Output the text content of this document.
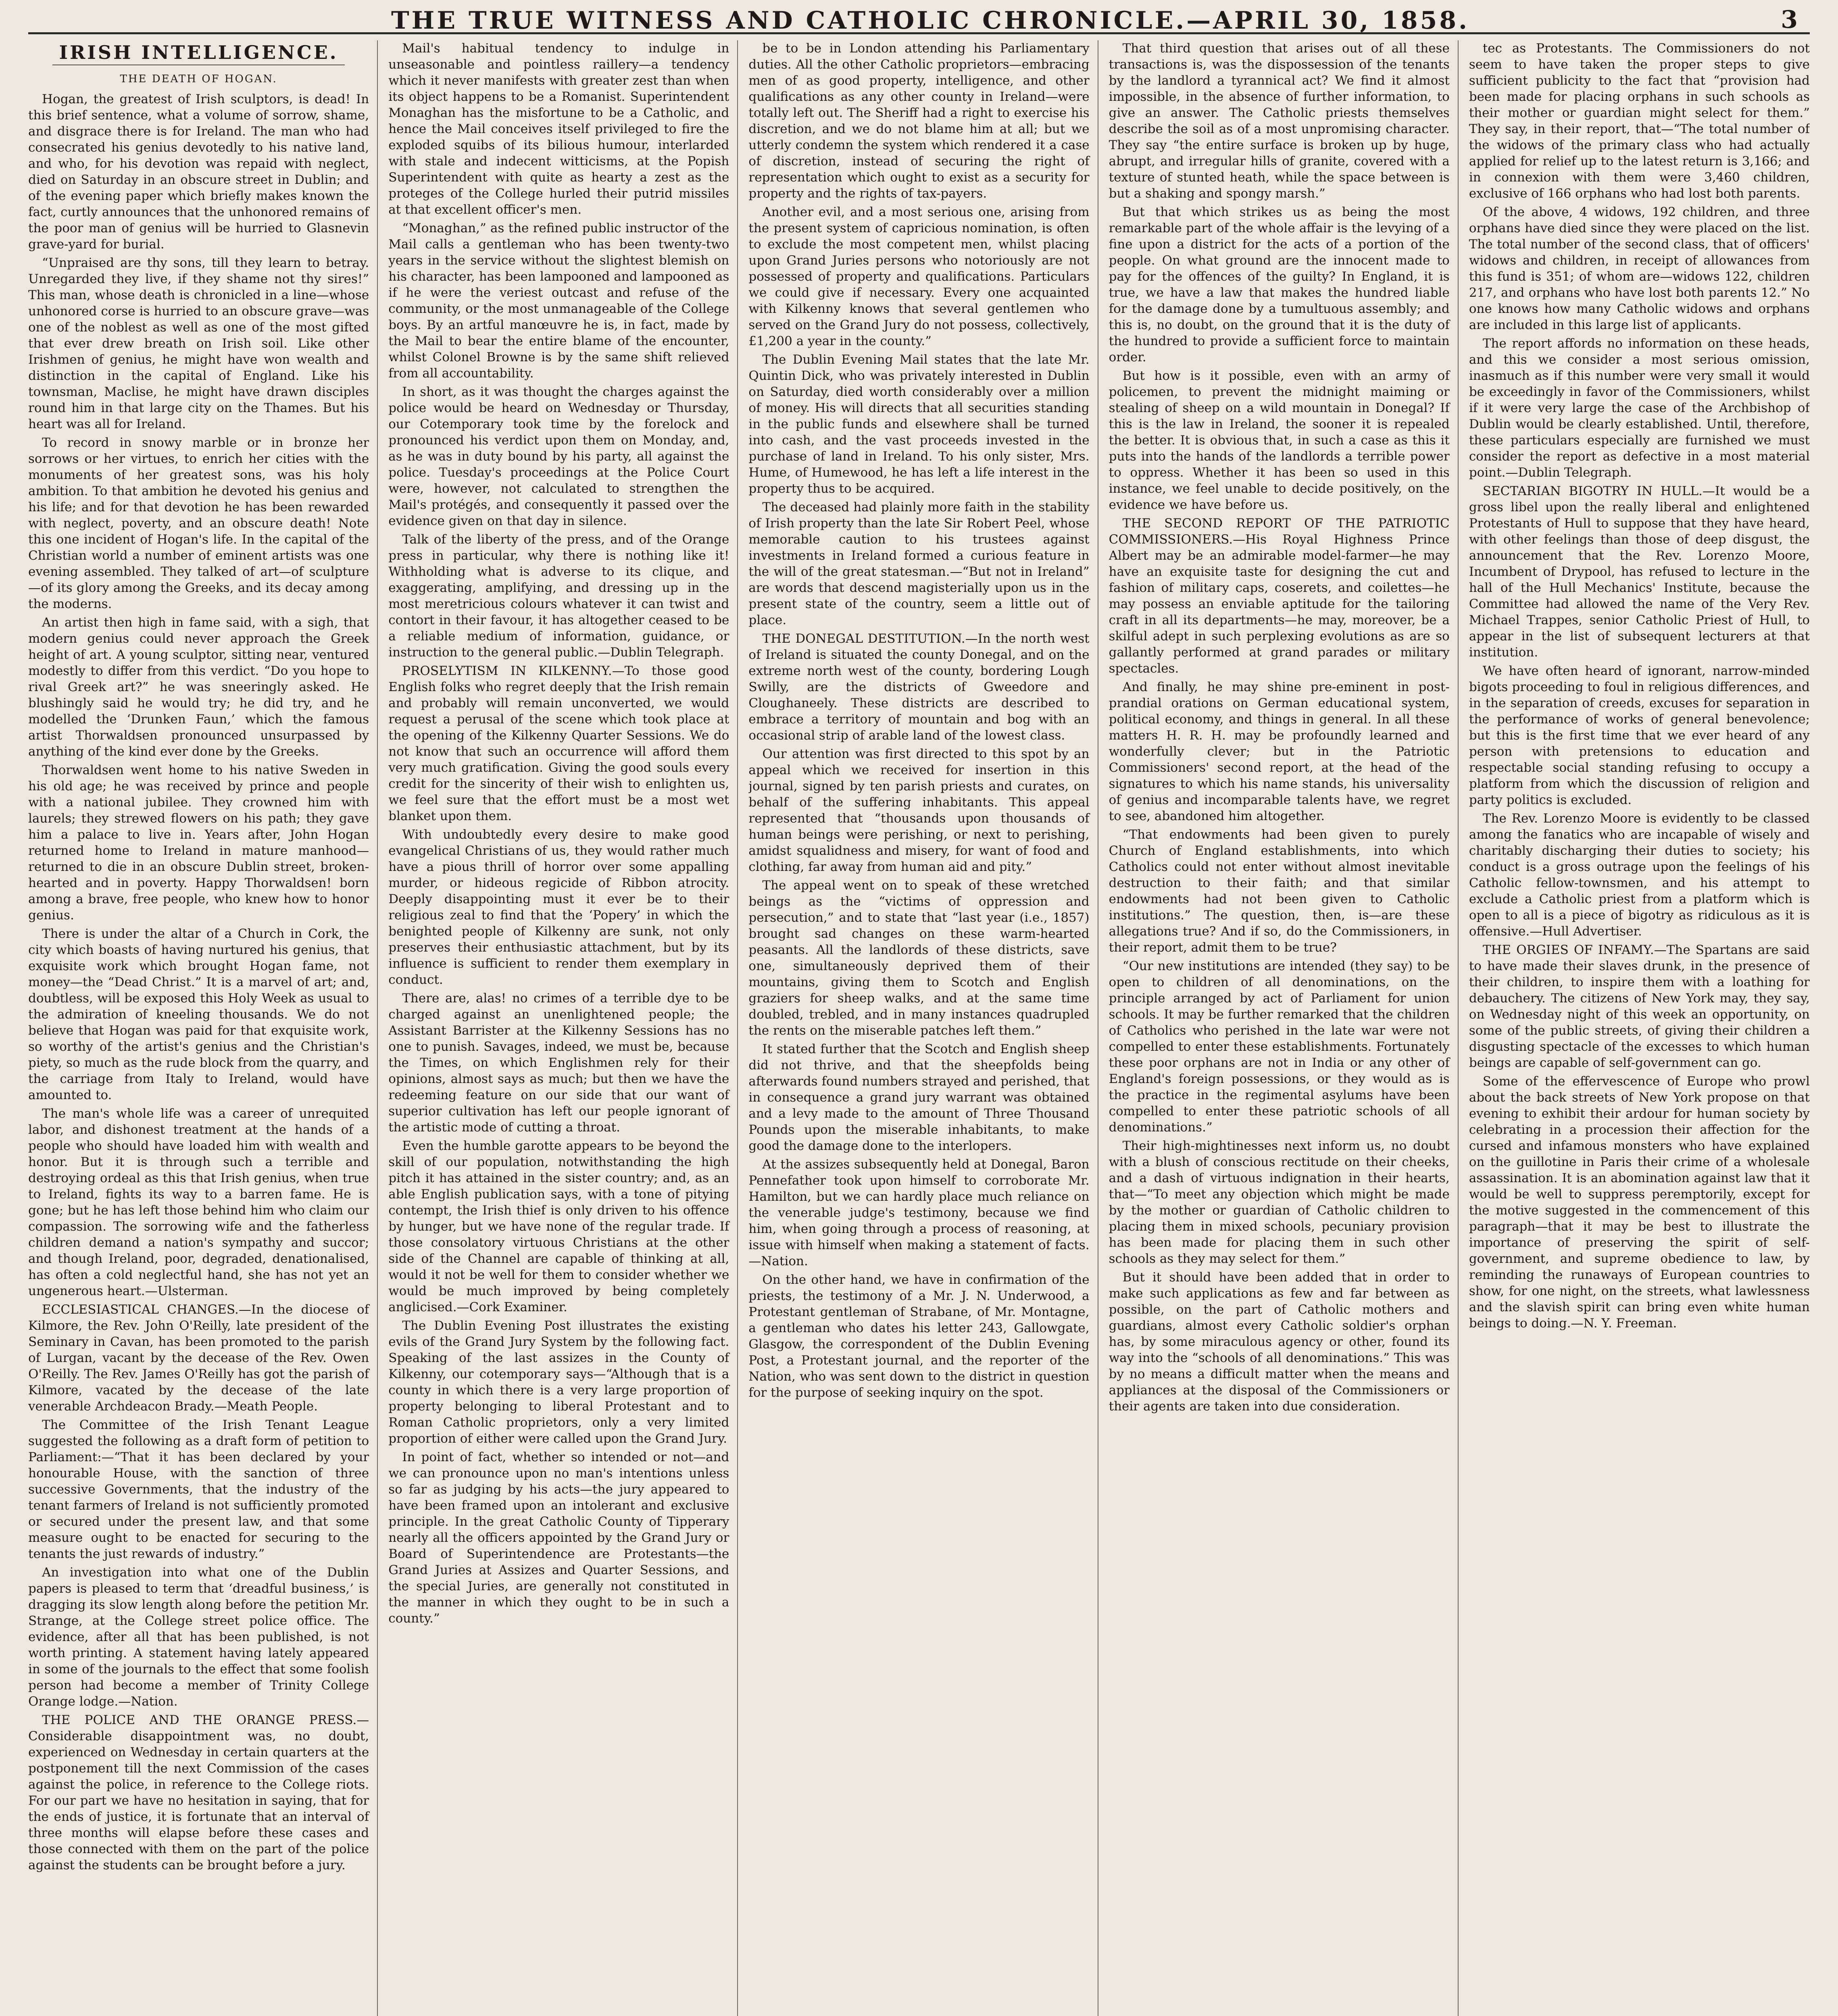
THE TRUE WITNESS AND CATHOLIC CHRONICLE.—APRIL 30, 1858.	3
IRISH INTELLIGENCE.
THE DEATH OF HOGAN.

Hogan, the greatest of Irish sculptors, is dead! In this brief sentence, what a volume of sorrow, shame, and disgrace there is for Ireland. The man who had consecrated his genius devotedly to his native land, and who, for his devotion was repaid with neglect, died on Saturday in an obscure street in Dublin; and of the evening paper which briefly makes known the fact, curtly announces that the unhonored remains of the poor man of genius will be hurried to Glasnevin grave-yard for burial.

“Unpraised are thy sons, till they learn to betray. Unregarded they live, if they shame not thy sires!” This man, whose death is chronicled in a line—whose unhonored corse is hurried to an obscure grave—was one of the noblest as well as one of the most gifted that ever drew breath on Irish soil. Like other Irishmen of genius, he might have won wealth and distinction in the capital of England. Like his townsman, Maclise, he might have drawn disciples round him in that large city on the Thames. But his heart was all for Ireland.

To record in snowy marble or in bronze her sorrows or her virtues, to enrich her cities with the monuments of her greatest sons, was his holy ambition. To that ambition he devoted his genius and his life; and for that devotion he has been rewarded with neglect, poverty, and an obscure death! Note this one incident of Hogan's life. In the capital of the Christian world a number of eminent artists was one evening assembled. They talked of art—of sculpture—of its glory among the Greeks, and its decay among the moderns.

An artist then high in fame said, with a sigh, that modern genius could never approach the Greek height of art. A young sculptor, sitting near, ventured modestly to differ from this verdict. “Do you hope to rival Greek art?” he was sneeringly asked. He blushingly said he would try; he did try, and he modelled the ‘Drunken Faun,’ which the famous artist Thorwaldsen pronounced unsurpassed by anything of the kind ever done by the Greeks.

Thorwaldsen went home to his native Sweden in his old age; he was received by prince and people with a national jubilee. They crowned him with laurels; they strewed flowers on his path; they gave him a palace to live in. Years after, John Hogan returned home to Ireland in mature manhood—returned to die in an obscure Dublin street, broken-hearted and in poverty. Happy Thorwaldsen! born among a brave, free people, who knew how to honor genius.

There is under the altar of a Church in Cork, the city which boasts of having nurtured his genius, that exquisite work which brought Hogan fame, not money—the “Dead Christ.” It is a marvel of art; and, doubtless, will be exposed this Holy Week as usual to the admiration of kneeling thousands. We do not believe that Hogan was paid for that exquisite work, so worthy of the artist's genius and the Christian's piety, so much as the rude block from the quarry, and the carriage from Italy to Ireland, would have amounted to.

The man's whole life was a career of unrequited labor, and dishonest treatment at the hands of a people who should have loaded him with wealth and honor. But it is through such a terrible and destroying ordeal as this that Irish genius, when true to Ireland, fights its way to a barren fame. He is gone; but he has left those behind him who claim our compassion. The sorrowing wife and the fatherless children demand a nation's sympathy and succor; and though Ireland, poor, degraded, denationalised, has often a cold neglectful hand, she has not yet an ungenerous heart.—Ulsterman.

ECCLESIASTICAL CHANGES.—In the diocese of Kilmore, the Rev. John O'Reilly, late president of the Seminary in Cavan, has been promoted to the parish of Lurgan, vacant by the decease of the Rev. Owen O'Reilly. The Rev. James O'Reilly has got the parish of Kilmore, vacated by the decease of the late venerable Archdeacon Brady.—Meath People.

The Committee of the Irish Tenant League suggested the following as a draft form of petition to Parliament:—“That it has been declared by your honourable House, with the sanction of three successive Governments, that the industry of the tenant farmers of Ireland is not sufficiently promoted or secured under the present law, and that some measure ought to be enacted for securing to the tenants the just rewards of industry.”

An investigation into what one of the Dublin papers is pleased to term that ‘dreadful business,’ is dragging its slow length along before the petition Mr. Strange, at the College street police office. The evidence, after all that has been published, is not worth printing. A statement having lately appeared in some of the journals to the effect that some foolish person had become a member of Trinity College Orange lodge.—Nation.

THE POLICE AND THE ORANGE PRESS.—Considerable disappointment was, no doubt, experienced on Wednesday in certain quarters at the postponement till the next Commission of the cases against the police, in reference to the College riots. For our part we have no hesitation in saying, that for the ends of justice, it is fortunate that an interval of three months will elapse before these cases and those connected with them on the part of the police against the students can be brought before a jury.

Mail's habitual tendency to indulge in unseasonable and pointless raillery—a tendency which it never manifests with greater zest than when its object happens to be a Romanist. Superintendent Monaghan has the misfortune to be a Catholic, and hence the Mail conceives itself privileged to fire the exploded squibs of its bilious humour, interlarded with stale and indecent witticisms, at the Popish Superintendent with quite as hearty a zest as the proteges of the College hurled their putrid missiles at that excellent officer's men.

“Monaghan,” as the refined public instructor of the Mail calls a gentleman who has been twenty-two years in the service without the slightest blemish on his character, has been lampooned and lampooned as if he were the veriest outcast and refuse of the community, or the most unmanageable of the College boys. By an artful manœuvre he is, in fact, made by the Mail to bear the entire blame of the encounter, whilst Colonel Browne is by the same shift relieved from all accountability.

In short, as it was thought the charges against the police would be heard on Wednesday or Thursday, our Cotemporary took time by the forelock and pronounced his verdict upon them on Monday, and, as he was in duty bound by his party, all against the police. Tuesday's proceedings at the Police Court were, however, not calculated to strengthen the Mail's protégés, and consequently it passed over the evidence given on that day in silence.

Talk of the liberty of the press, and of the Orange press in particular, why there is nothing like it! Withholding what is adverse to its clique, and exaggerating, amplifying, and dressing up in the most meretricious colours whatever it can twist and contort in their favour, it has altogether ceased to be a reliable medium of information, guidance, or instruction to the general public.—Dublin Telegraph.

PROSELYTISM IN KILKENNY.—To those good English folks who regret deeply that the Irish remain and probably will remain unconverted, we would request a perusal of the scene which took place at the opening of the Kilkenny Quarter Sessions. We do not know that such an occurrence will afford them very much gratification. Giving the good souls every credit for the sincerity of their wish to enlighten us, we feel sure that the effort must be a most wet blanket upon them.

With undoubtedly every desire to make good evangelical Christians of us, they would rather much have a pious thrill of horror over some appalling murder, or hideous regicide of Ribbon atrocity. Deeply disappointing must it ever be to their religious zeal to find that the ‘Popery’ in which the benighted people of Kilkenny are sunk, not only preserves their enthusiastic attachment, but by its influence is sufficient to render them exemplary in conduct.

There are, alas! no crimes of a terrible dye to be charged against an unenlightened people; the Assistant Barrister at the Kilkenny Sessions has no one to punish. Savages, indeed, we must be, because the Times, on which Englishmen rely for their opinions, almost says as much; but then we have the redeeming feature on our side that our want of superior cultivation has left our people ignorant of the artistic mode of cutting a throat.

Even the humble garotte appears to be beyond the skill of our population, notwithstanding the high pitch it has attained in the sister country; and, as an able English publication says, with a tone of pitying contempt, the Irish thief is only driven to his offence by hunger, but we have none of the regular trade. If those consolatory virtuous Christians at the other side of the Channel are capable of thinking at all, would it not be well for them to consider whether we would be much improved by being completely anglicised.—Cork Examiner.

The Dublin Evening Post illustrates the existing evils of the Grand Jury System by the following fact. Speaking of the last assizes in the County of Kilkenny, our cotemporary says—“Although that is a county in which there is a very large proportion of property belonging to liberal Protestant and to Roman Catholic proprietors, only a very limited proportion of either were called upon the Grand Jury.

In point of fact, whether so intended or not—and we can pronounce upon no man's intentions unless so far as judging by his acts—the jury appeared to have been framed upon an intolerant and exclusive principle. In the great Catholic County of Tipperary nearly all the officers appointed by the Grand Jury or Board of Superintendence are Protestants—the Grand Juries at Assizes and Quarter Sessions, and the special Juries, are generally not constituted in the manner in which they ought to be in such a county.”

be to be in London attending his Parliamentary duties. All the other Catholic proprietors—embracing men of as good property, intelligence, and other qualifications as any other county in Ireland—were totally left out. The Sheriff had a right to exercise his discretion, and we do not blame him at all; but we utterly condemn the system which rendered it a case of discretion, instead of securing the right of representation which ought to exist as a security for property and the rights of tax-payers.

Another evil, and a most serious one, arising from the present system of capricious nomination, is often to exclude the most competent men, whilst placing upon Grand Juries persons who notoriously are not possessed of property and qualifications. Particulars we could give if necessary. Every one acquainted with Kilkenny knows that several gentlemen who served on the Grand Jury do not possess, collectively, £1,200 a year in the county.”

The Dublin Evening Mail states that the late Mr. Quintin Dick, who was privately interested in Dublin on Saturday, died worth considerably over a million of money. His will directs that all securities standing in the public funds and elsewhere shall be turned into cash, and the vast proceeds invested in the purchase of land in Ireland. To his only sister, Mrs. Hume, of Humewood, he has left a life interest in the property thus to be acquired.

The deceased had plainly more faith in the stability of Irish property than the late Sir Robert Peel, whose memorable caution to his trustees against investments in Ireland formed a curious feature in the will of the great statesman.—“But not in Ireland” are words that descend magisterially upon us in the present state of the country, seem a little out of place.

THE DONEGAL DESTITUTION.—In the north west of Ireland is situated the county Donegal, and on the extreme north west of the county, bordering Lough Swilly, are the districts of Gweedore and Cloughaneely. These districts are described to embrace a territory of mountain and bog with an occasional strip of arable land of the lowest class.

Our attention was first directed to this spot by an appeal which we received for insertion in this journal, signed by ten parish priests and curates, on behalf of the suffering inhabitants. This appeal represented that “thousands upon thousands of human beings were perishing, or next to perishing, amidst squalidness and misery, for want of food and clothing, far away from human aid and pity.”

The appeal went on to speak of these wretched beings as the “victims of oppression and persecution,” and to state that “last year (i.e., 1857) brought sad changes on these warm-hearted peasants. All the landlords of these districts, save one, simultaneously deprived them of their mountains, giving them to Scotch and English graziers for sheep walks, and at the same time doubled, trebled, and in many instances quadrupled the rents on the miserable patches left them.”

It stated further that the Scotch and English sheep did not thrive, and that the sheepfolds being afterwards found numbers strayed and perished, that in consequence a grand jury warrant was obtained and a levy made to the amount of Three Thousand Pounds upon the miserable inhabitants, to make good the damage done to the interlopers.

At the assizes subsequently held at Donegal, Baron Pennefather took upon himself to corroborate Mr. Hamilton, but we can hardly place much reliance on the venerable judge's testimony, because we find him, when going through a process of reasoning, at issue with himself when making a statement of facts.—Nation.

On the other hand, we have in confirmation of the priests, the testimony of a Mr. J. N. Underwood, a Protestant gentleman of Strabane, of Mr. Montagne, a gentleman who dates his letter 243, Gallowgate, Glasgow, the correspondent of the Dublin Evening Post, a Protestant journal, and the reporter of the Nation, who was sent down to the district in question for the purpose of seeking inquiry on the spot.

That third question that arises out of all these transactions is, was the dispossession of the tenants by the landlord a tyrannical act? We find it almost impossible, in the absence of further information, to give an answer. The Catholic priests themselves describe the soil as of a most unpromising character. They say “the entire surface is broken up by huge, abrupt, and irregular hills of granite, covered with a texture of stunted heath, while the space between is but a shaking and spongy marsh.”

But that which strikes us as being the most remarkable part of the whole affair is the levying of a fine upon a district for the acts of a portion of the people. On what ground are the innocent made to pay for the offences of the guilty? In England, it is true, we have a law that makes the hundred liable for the damage done by a tumultuous assembly; and this is, no doubt, on the ground that it is the duty of the hundred to provide a sufficient force to maintain order.

But how is it possible, even with an army of policemen, to prevent the midnight maiming or stealing of sheep on a wild mountain in Donegal? If this is the law in Ireland, the sooner it is repealed the better. It is obvious that, in such a case as this it puts into the hands of the landlords a terrible power to oppress. Whether it has been so used in this instance, we feel unable to decide positively, on the evidence we have before us.

THE SECOND REPORT OF THE PATRIOTIC COMMISSIONERS.—His Royal Highness Prince Albert may be an admirable model-farmer—he may have an exquisite taste for designing the cut and fashion of military caps, coserets, and coilettes—he may possess an enviable aptitude for the tailoring craft in all its departments—he may, moreover, be a skilful adept in such perplexing evolutions as are so gallantly performed at grand parades or military spectacles.

And finally, he may shine pre-eminent in post-prandial orations on German educational system, political economy, and things in general. In all these matters H. R. H. may be profoundly learned and wonderfully clever; but in the Patriotic Commissioners' second report, at the head of the signatures to which his name stands, his universality of genius and incomparable talents have, we regret to see, abandoned him altogether.

“That endowments had been given to purely Church of England establishments, into which Catholics could not enter without almost inevitable destruction to their faith; and that similar endowments had not been given to Catholic institutions.” The question, then, is—are these allegations true? And if so, do the Commissioners, in their report, admit them to be true?

“Our new institutions are intended (they say) to be open to children of all denominations, on the principle arranged by act of Parliament for union schools. It may be further remarked that the children of Catholics who perished in the late war were not compelled to enter these establishments. Fortunately these poor orphans are not in India or any other of England's foreign possessions, or they would as is the practice in the regimental asylums have been compelled to enter these patriotic schools of all denominations.”

Their high-mightinesses next inform us, no doubt with a blush of conscious rectitude on their cheeks, and a dash of virtuous indignation in their hearts, that—“To meet any objection which might be made by the mother or guardian of Catholic children to placing them in mixed schools, pecuniary provision has been made for placing them in such other schools as they may select for them.”

But it should have been added that in order to make such applications as few and far between as possible, on the part of Catholic mothers and guardians, almost every Catholic soldier's orphan has, by some miraculous agency or other, found its way into the “schools of all denominations.” This was by no means a difficult matter when the means and appliances at the disposal of the Commissioners or their agents are taken into due consideration.

tec as Protestants. The Commissioners do not seem to have taken the proper steps to give sufficient publicity to the fact that “provision had been made for placing orphans in such schools as their mother or guardian might select for them.” They say, in their report, that—“The total number of the widows of the primary class who had actually applied for relief up to the latest return is 3,166; and in connexion with them were 3,460 children, exclusive of 166 orphans who had lost both parents.

Of the above, 4 widows, 192 children, and three orphans have died since they were placed on the list. The total number of the second class, that of officers' widows and children, in receipt of allowances from this fund is 351; of whom are—widows 122, children 217, and orphans who have lost both parents 12.” No one knows how many Catholic widows and orphans are included in this large list of applicants.

The report affords no information on these heads, and this we consider a most serious omission, inasmuch as if this number were very small it would be exceedingly in favor of the Commissioners, whilst if it were very large the case of the Archbishop of Dublin would be clearly established. Until, therefore, these particulars especially are furnished we must consider the report as defective in a most material point.—Dublin Telegraph.

SECTARIAN BIGOTRY IN HULL.—It would be a gross libel upon the really liberal and enlightened Protestants of Hull to suppose that they have heard, with other feelings than those of deep disgust, the announcement that the Rev. Lorenzo Moore, Incumbent of Drypool, has refused to lecture in the hall of the Hull Mechanics' Institute, because the Committee had allowed the name of the Very Rev. Michael Trappes, senior Catholic Priest of Hull, to appear in the list of subsequent lecturers at that institution.

We have often heard of ignorant, narrow-minded bigots proceeding to foul in religious differences, and in the separation of creeds, excuses for separation in the performance of works of general benevolence; but this is the first time that we ever heard of any person with pretensions to education and respectable social standing refusing to occupy a platform from which the discussion of religion and party politics is excluded.

The Rev. Lorenzo Moore is evidently to be classed among the fanatics who are incapable of wisely and charitably discharging their duties to society; his conduct is a gross outrage upon the feelings of his Catholic fellow-townsmen, and his attempt to exclude a Catholic priest from a platform which is open to all is a piece of bigotry as ridiculous as it is offensive.—Hull Advertiser.

THE ORGIES OF INFAMY.—The Spartans are said to have made their slaves drunk, in the presence of their children, to inspire them with a loathing for debauchery. The citizens of New York may, they say, on Wednesday night of this week an opportunity, on some of the public streets, of giving their children a disgusting spectacle of the excesses to which human beings are capable of self-government can go.

Some of the effervescence of Europe who prowl about the back streets of New York propose on that evening to exhibit their ardour for human society by celebrating in a procession their affection for the cursed and infamous monsters who have explained on the guillotine in Paris their crime of a wholesale assassination. It is an abomination against law that it would be well to suppress peremptorily, except for the motive suggested in the commencement of this paragraph—that it may be best to illustrate the importance of preserving the spirit of self-government, and supreme obedience to law, by reminding the runaways of European countries to show, for one night, on the streets, what lawlessness and the slavish spirit can bring even white human beings to doing.—N. Y. Freeman.
